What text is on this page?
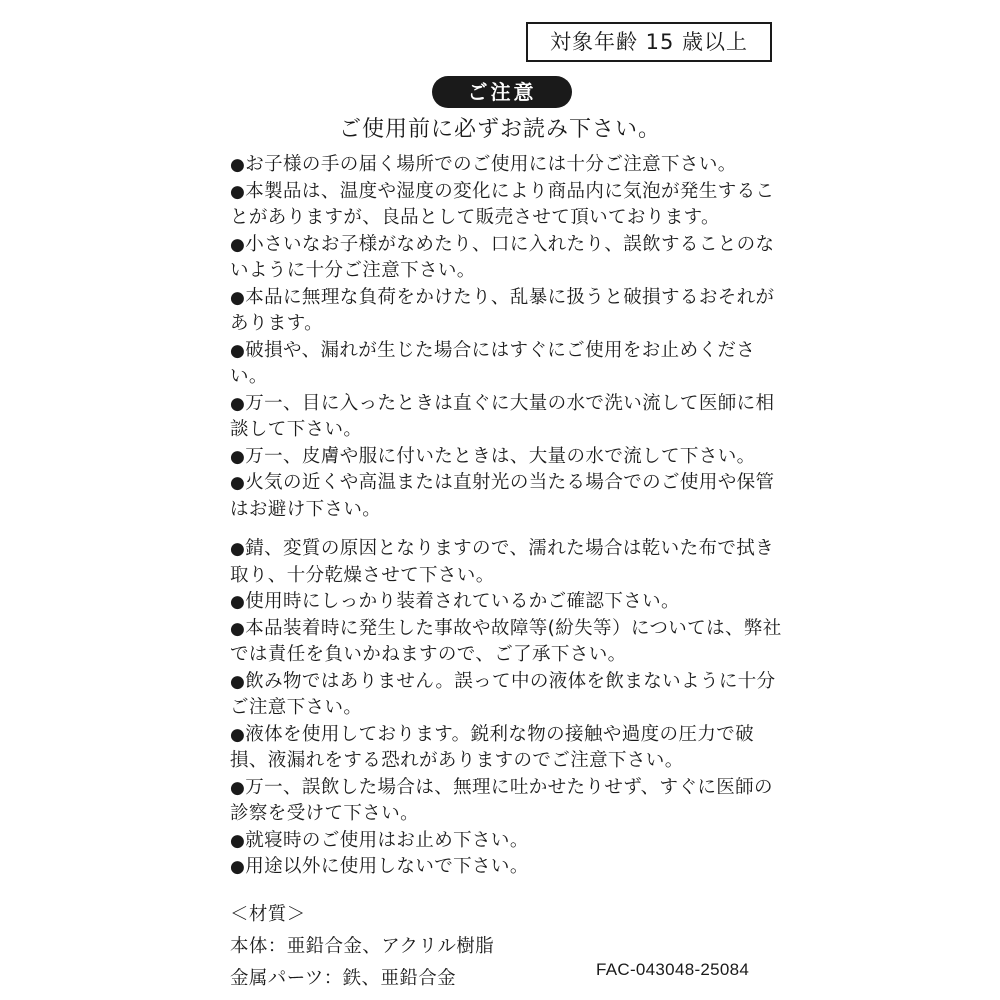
対象年齢 15 歳以上
ご注意
ご使用前に必ずお読み下さい。

●お子様の手の届く場所でのご使用には十分ご注意下さい。

●本製品は、温度や湿度の変化により商品内に気泡が発生することがありますが、良品として販売させて頂いております。

●小さいなお子様がなめたり、口に入れたり、誤飲することのないように十分ご注意下さい。

●本品に無理な負荷をかけたり、乱暴に扱うと破損するおそれがあります。

●破損や、漏れが生じた場合にはすぐにご使用をお止めください。

●万一、目に入ったときは直ぐに大量の水で洗い流して医師に相談して下さい。

●万一、皮膚や服に付いたときは、大量の水で流して下さい。

●火気の近くや高温または直射光の当たる場合でのご使用や保管はお避け下さい。

●錆、変質の原因となりますので、濡れた場合は乾いた布で拭き取り、十分乾燥させて下さい。

●使用時にしっかり装着されているかご確認下さい。

●本品装着時に発生した事故や故障等(紛失等）については、弊社では責任を負いかねますので、ご了承下さい。

●飲み物ではありません。誤って中の液体を飲まないように十分ご注意下さい。

●液体を使用しております。鋭利な物の接触や過度の圧力で破損、液漏れをする恐れがありますのでご注意下さい。

●万一、誤飲した場合は、無理に吐かせたりせず、すぐに医師の診察を受けて下さい。

●就寝時のご使用はお止め下さい。

●用途以外に使用しないで下さい。

＜材質＞

本体：亜鉛合金、アクリル樹脂

金属パーツ：鉄、亜鉛合金	FAC-043048-25084
